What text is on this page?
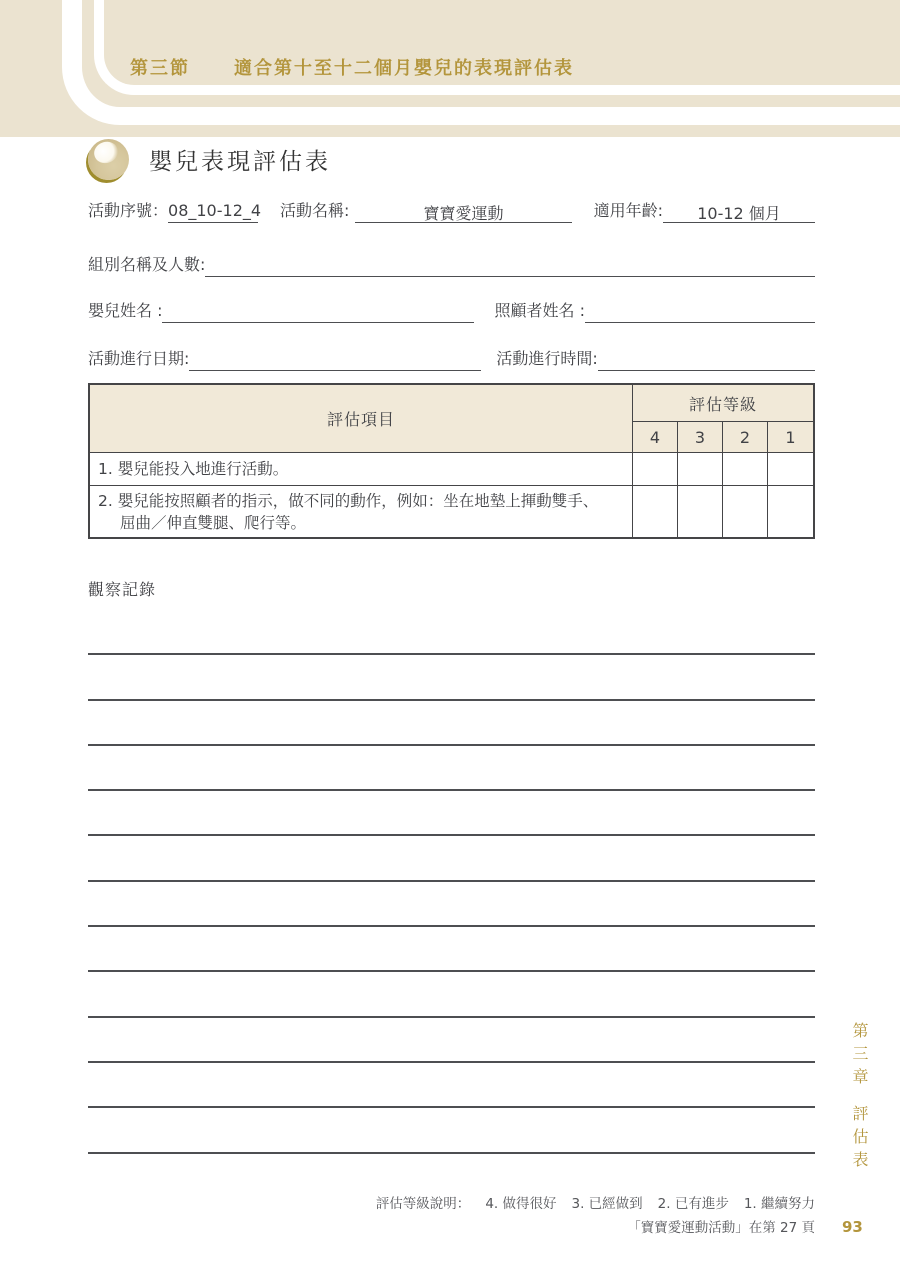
第三節 適合第十至十二個月嬰兒的表現評估表
嬰兒表現評估表
活動序號： 08_10-12_4 活動名稱:	寶寶愛運動	適用年齡:	10-12 個月
組別名稱及人數:
嬰兒姓名 :	照顧者姓名 :
活動進行日期:	活動進行時間:
評估項目
評估等級
4	3	2	1
1. 嬰兒能投入地進行活動。
2. 嬰兒能按照顧者的指示，做不同的動作，例如：坐在地墊上揮動雙手、
屈曲／伸直雙腿、爬行等。
觀察記錄
第三章評估表
評估等級說明： 4. 做得很好 3. 已經做到 2. 已有進步 1. 繼續努力
「寶寶愛運動活動」在第 27 頁 93
